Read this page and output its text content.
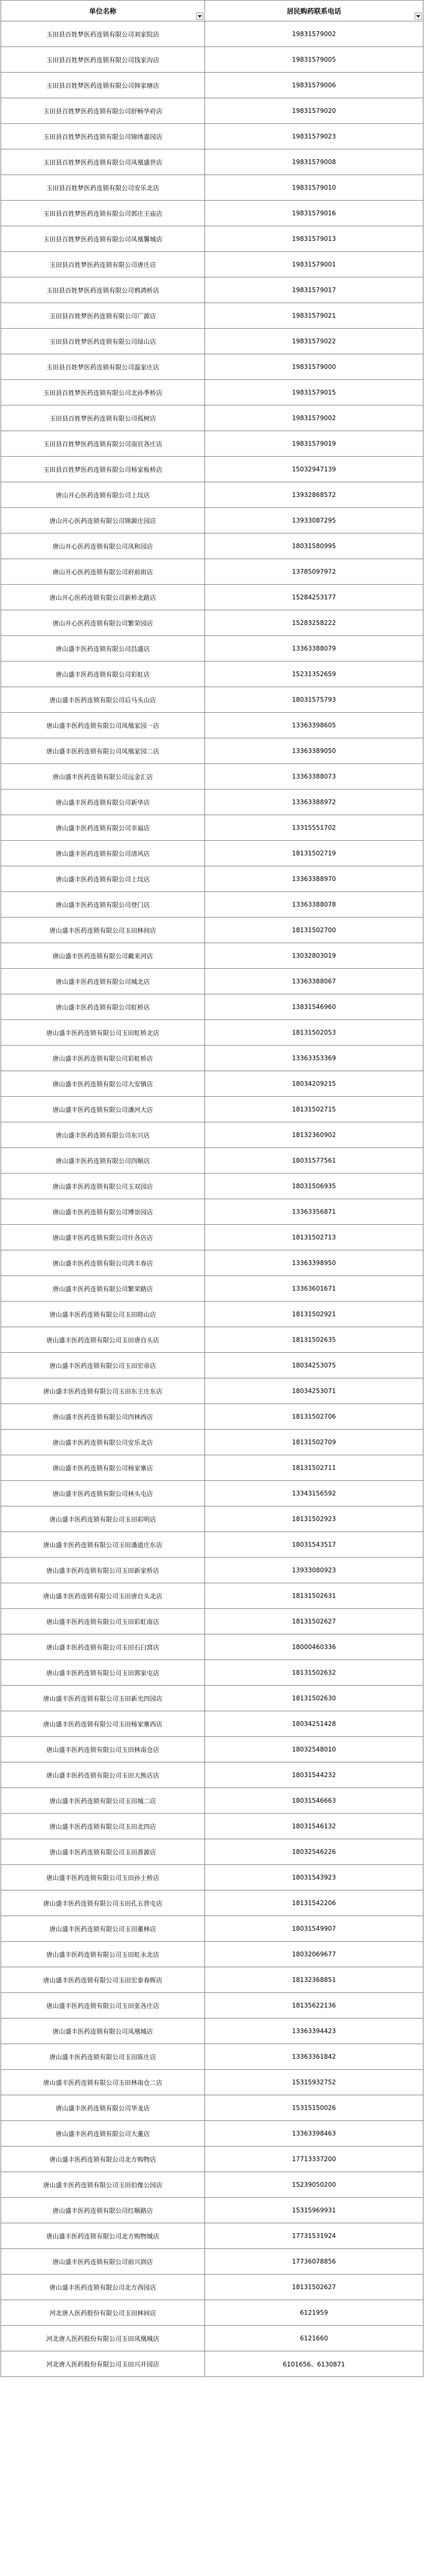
单位名称	居民购药联系电话

玉田县百姓梦医药连锁有限公司刘家院店	19831579002
玉田县百姓梦医药连锁有限公司钱家沟店	19831579005
玉田县百姓梦医药连锁有限公司韩家塘店	19831579006
玉田县百姓梦医药连锁有限公司舒畅华府店	19831579020
玉田县百姓梦医药连锁有限公司锦绣嘉园店	19831579023
玉田县百姓梦医药连锁有限公司凤凰盛世店	19831579008
玉田县百姓梦医药连锁有限公司安乐北店	19831579010
玉田县百姓梦医药连锁有限公司郭庄王庙店	19831579016
玉田县百姓梦医药连锁有限公司凤凰馨城店	19831579013
玉田县百姓梦医药连锁有限公司唐庄店	19831579001
玉田县百姓梦医药连锁有限公司鸦鸿桥店	19831579017
玉田县百姓梦医药连锁有限公司广源店	19831579021
玉田县百姓梦医药连锁有限公司绿山店	19831579022
玉田县百姓梦医药连锁有限公司温家庄店	19831579000
玉田县百姓梦医药连锁有限公司北孙季桥店	19831579015
玉田县百姓梦医药连锁有限公司孤树店	19831579002
玉田县百姓梦医药连锁有限公司南官各庄店	19831579019
玉田县百姓梦医药连锁有限公司杨家板桥店	15032947139
唐山开心医药连锁有限公司上坟店	13932868572
唐山开心医药连锁有限公司锦源庄园店	13933087295
唐山开心医药连锁有限公司凤和园店	18031580995
唐山开心医药连锁有限公司府前街店	13785097972
唐山开心医药连锁有限公司新桥北路店	15284253177
唐山开心医药连锁有限公司繁荣园店	15283258222
唐山盛丰医药连锁有限公司昌盛店	13363388079
唐山盛丰医药连锁有限公司彩虹店	15231352659
唐山盛丰医药连锁有限公司后马头山店	18031575793
唐山盛丰医药连锁有限公司凤凰家园一店	13363398605
唐山盛丰医药连锁有限公司凤凰家园二店	13363389050
唐山盛丰医药连锁有限公司远金汇店	13363388073
唐山盛丰医药连锁有限公司新华店	13363388972
唐山盛丰医药连锁有限公司幸福店	13315551702
唐山盛丰医药连锁有限公司清风店	18131502719
唐山盛丰医药连锁有限公司上坟店	13363388970
唐山盛丰医药连锁有限公司登门店	13363388078
唐山盛丰医药连锁有限公司玉田林间店	18131502700
唐山盛丰医药连锁有限公司戴来河店	13032803019
唐山盛丰医药连锁有限公司城北店	13363388067
唐山盛丰医药连锁有限公司虹桥店	13831546960
唐山盛丰医药连锁有限公司玉田虹桥北店	18131502053
唐山盛丰医药连锁有限公司彩虹桥店	13363353369
唐山盛丰医药连锁有限公司大安镇店	18034209215
唐山盛丰医药连锁有限公司潘河大店	18131502715
唐山盛丰医药连锁有限公司东兴店	18132360902
唐山盛丰医药连锁有限公司四顺店	18031577561
唐山盛丰医药连锁有限公司玉双园店	18031506935
唐山盛丰医药连锁有限公司博崇园店	13363356871
唐山盛丰医药连锁有限公司什各店店	18131502713
唐山盛丰医药连锁有限公司鸿丰春店	13363398950
唐山盛丰医药连锁有限公司繁荣路店	13363601671
唐山盛丰医药连锁有限公司玉田睦山店	18131502921
唐山盛丰医药连锁有限公司玉田唐自头店	18131502635
唐山盛丰医药连锁有限公司玉田宏帝店	18034253075
唐山盛丰医药连锁有限公司玉田东王庄东店	18034253071
唐山盛丰医药连锁有限公司四林西店	18131502706
唐山盛丰医药连锁有限公司安乐北店	18131502709
唐山盛丰医药连锁有限公司杨家寨店	18131502711
唐山盛丰医药连锁有限公司林头屯店	13343156592
唐山盛丰医药连锁有限公司玉田彩明店	18131502923
唐山盛丰医药连锁有限公司玉田潘道庄东店	18031543517
唐山盛丰医药连锁有限公司玉田新家桥店	13933080923
唐山盛丰医药连锁有限公司玉田唐自头北店	18131502631
唐山盛丰医药连锁有限公司玉田彩虹南店	18131502627
唐山盛丰医药连锁有限公司玉田石臼窝店	18000460336
唐山盛丰医药连锁有限公司玉田郭家屯店	18131502632
唐山盛丰医药连锁有限公司玉田新光四园店	18131502630
唐山盛丰医药连锁有限公司玉田杨家寨西店	18034251428
唐山盛丰医药连锁有限公司玉田林南仓店	18032548010
唐山盛丰医药连锁有限公司玉田大熊店店	18031544232
唐山盛丰医药连锁有限公司玉田城二店	18031546663
唐山盛丰医药连锁有限公司玉田北四店	18031546132
唐山盛丰医药连锁有限公司玉田普源店	18032546226
唐山盛丰医药连锁有限公司玉田孙土桥店	18031543923
唐山盛丰医药连锁有限公司玉田孔五营屯店	18131542206
唐山盛丰医药连锁有限公司玉田董林店	18031549907
唐山盛丰医药连锁有限公司玉田虹永北店	18032069677
唐山盛丰医药连锁有限公司玉田宏泰春晖店	18132368851
唐山盛丰医药连锁有限公司玉田张各庄店	18135622136
唐山盛丰医药连锁有限公司凤凰城店	13363394423
唐山盛丰医药连锁有限公司玉田陈庄店	13363361842
唐山盛丰医药连锁有限公司玉田林南仓二店	15315932752
唐山盛丰医药连锁有限公司华龙店	15315150026
唐山盛丰医药连锁有限公司大董店	13363398463
唐山盛丰医药连锁有限公司北方购物店	17713337200
唐山盛丰医药连锁有限公司玉田伯像公园店	15239050200
唐山盛丰医药连锁有限公司红顺路店	15315969931
唐山盛丰医药连锁有限公司北方购物城店	17731531924
唐山盛丰医药连锁有限公司前兴润店	17736078856
唐山盛丰医药连锁有限公司北方西园店	18131502627
河北唐人医药股份有限公司玉田林间店	6121959
河北唐人医药股份有限公司玉田凤凰城店	6121660
河北唐人医药股份有限公司玉田兴开园店	6101656、6130871
